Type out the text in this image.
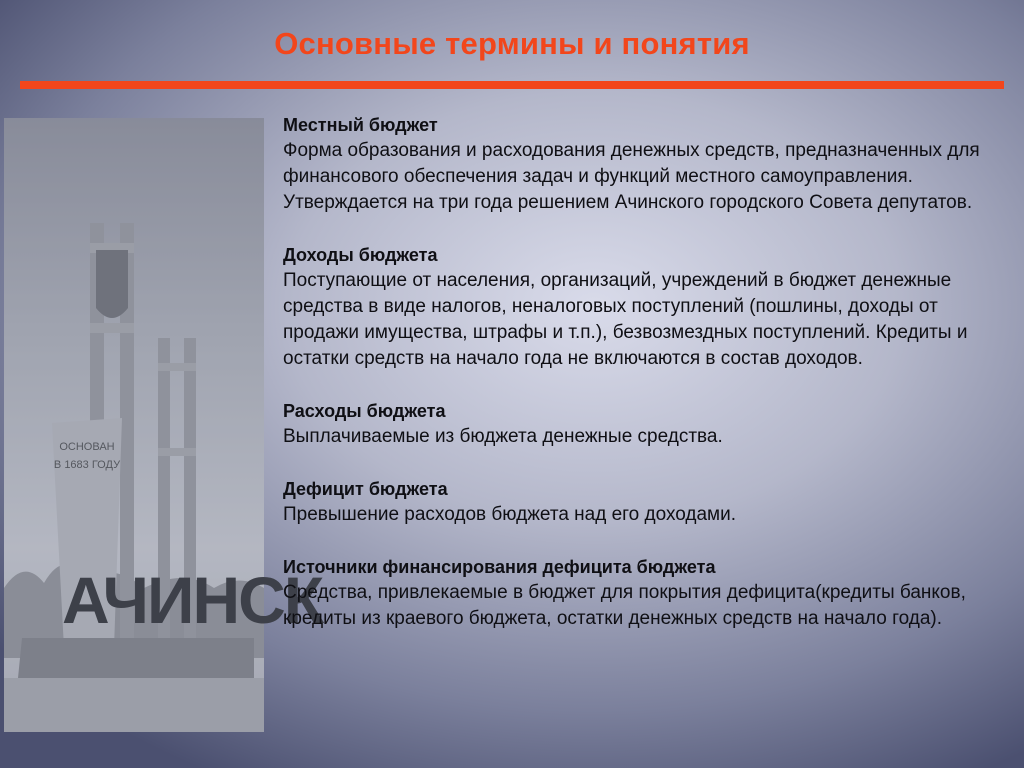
Основные термины и понятия
ОСНОВАН
В 1683 ГОДУ
АЧИНСК
Местный бюджет

Форма образования и расходования денежных средств, предназначенных для финансового обеспечения задач и функций местного самоуправления. Утверждается на три года решением Ачинского городского Совета депутатов.

Доходы бюджета

Поступающие от населения, организаций, учреждений в бюджет денежные средства в виде налогов, неналоговых поступлений (пошлины, доходы от продажи имущества, штрафы и т.п.), безвозмездных поступлений. Кредиты и остатки средств на начало года не включаются в состав доходов.

Расходы бюджета

Выплачиваемые из бюджета денежные средства.

Дефицит бюджета

Превышение расходов бюджета над его доходами.

Источники финансирования дефицита бюджета

Средства, привлекаемые в бюджет для покрытия дефицита(кредиты банков, кредиты из краевого бюджета, остатки денежных средств на начало года).
